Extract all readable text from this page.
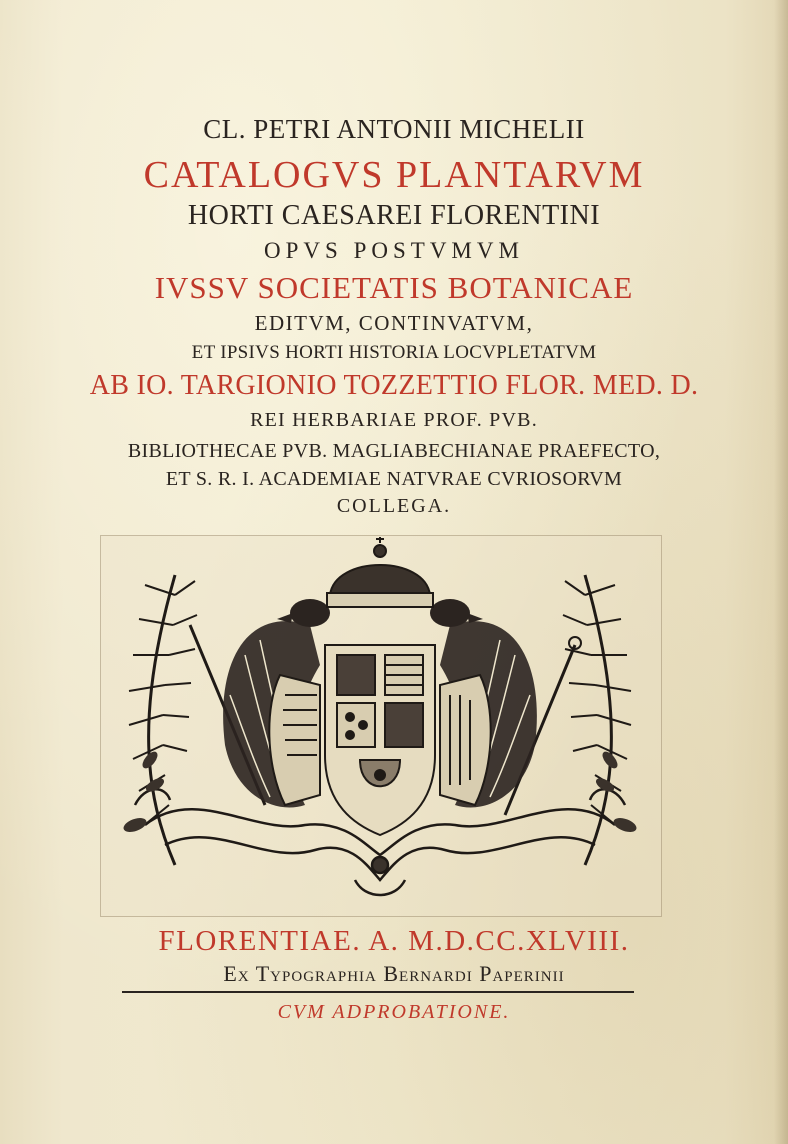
CL. PETRI ANTONII MICHELII
CATALOGVS PLANTARVM
HORTI CAESAREI FLORENTINI
OPVS POSTVMVM
IVSSV SOCIETATIS BOTANICAE
EDITVM, CONTINVATVM,
ET IPSIVS HORTI HISTORIA LOCVPLETATVM
AB IO. TARGIONIO TOZZETTIO FLOR. MED. D.
REI HERBARIAE PROF. PVB.
BIBLIOTHECAE PVB. MAGLIABECHIANAE PRAEFECTO,
ET S. R. I. ACADEMIAE NATVRAE CVRIOSORVM
COLLEGA.
FLORENTIAE. A. M.D.CC.XLVIII.
Ex Typographia Bernardi Paperinii
CVM ADPROBATIONE.
